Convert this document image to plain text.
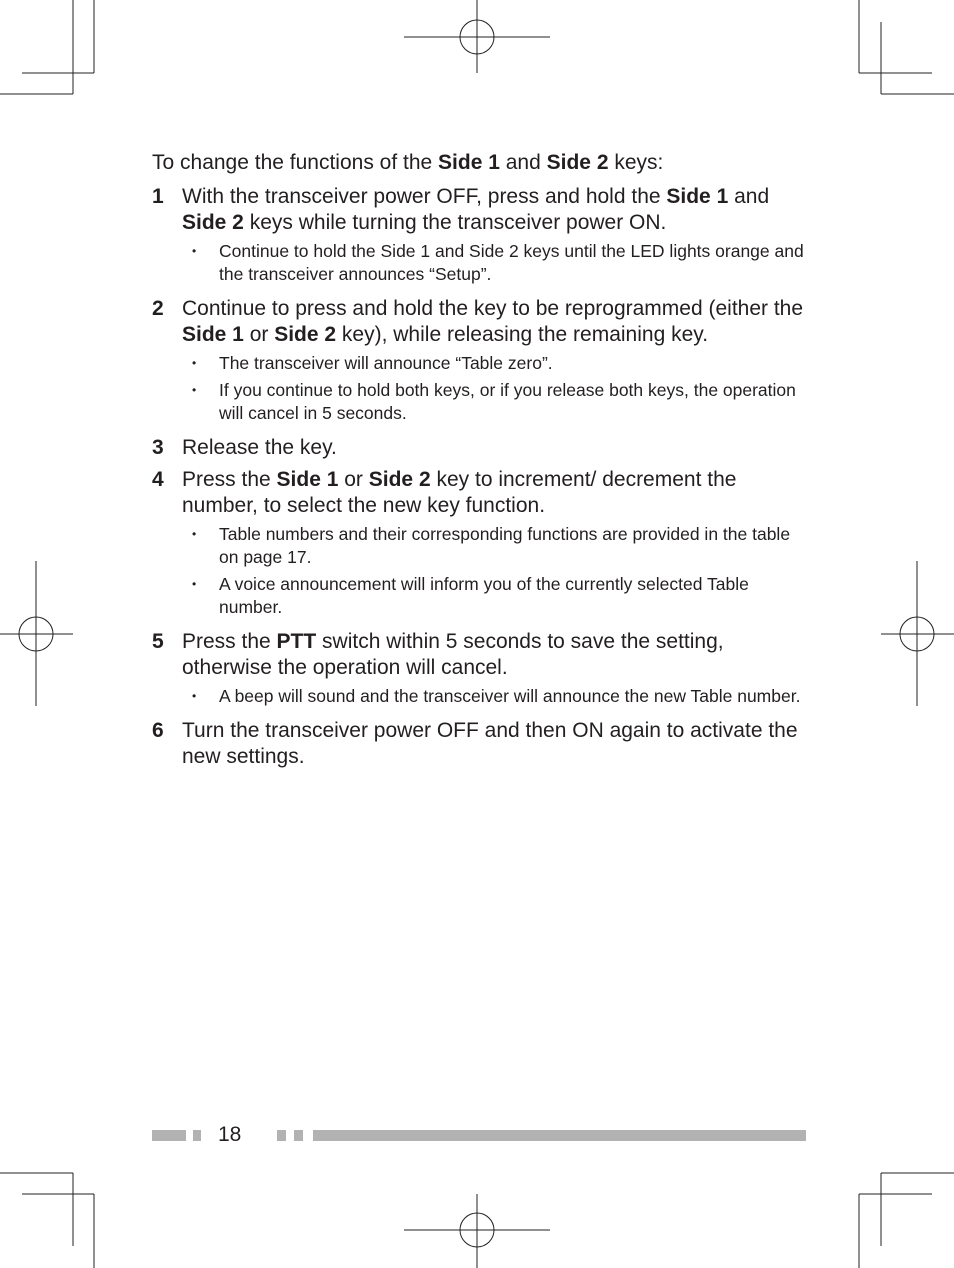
To change the functions of the Side 1 and Side 2 keys:

1 With the transceiver power OFF, press and hold the Side 1 and Side 2 keys while turning the transceiver power ON.
•	Continue to hold the Side 1 and Side 2 keys until the LED lights orange and the transceiver announces “Setup”.
2 Continue to press and hold the key to be reprogrammed (either the Side 1 or Side 2 key), while releasing the remaining key.
•	The transceiver will announce “Table zero”.
•	If you continue to hold both keys, or if you release both keys, the operation will cancel in 5 seconds.
3 Release the key.
4 Press the Side 1 or Side 2 key to increment/ decrement the number, to select the new key function.
•	Table numbers and their corresponding functions are provided in the table on page 17.
•	A voice announcement will inform you of the currently selected Table number.
5 Press the PTT switch within 5 seconds to save the setting, otherwise the operation will cancel.
•	A beep will sound and the transceiver will announce the new Table number.
6 Turn the transceiver power OFF and then ON again to activate the new settings.
18
